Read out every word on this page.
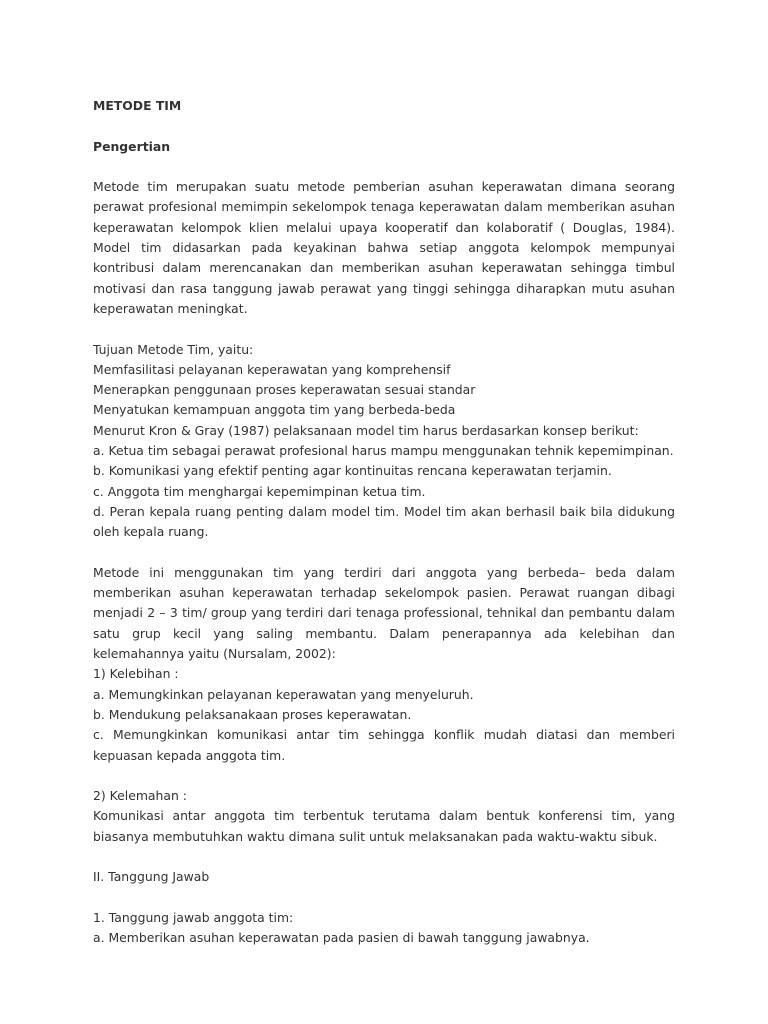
METODE TIM

Pengertian

Metode tim merupakan suatu metode pemberian asuhan keperawatan dimana seorang perawat profesional memimpin sekelompok tenaga keperawatan dalam memberikan asuhan keperawatan kelompok klien melalui upaya kooperatif dan kolaboratif ( Douglas, 1984). Model tim didasarkan pada keyakinan bahwa setiap anggota kelompok mempunyai kontribusi dalam merencanakan dan memberikan asuhan keperawatan sehingga timbul motivasi dan rasa tanggung jawab perawat yang tinggi sehingga diharapkan mutu asuhan keperawatan meningkat.

Tujuan Metode Tim, yaitu:

Memfasilitasi pelayanan keperawatan yang komprehensif

Menerapkan penggunaan proses keperawatan sesuai standar

Menyatukan kemampuan anggota tim yang berbeda-beda

Menurut Kron & Gray (1987) pelaksanaan model tim harus berdasarkan konsep berikut:

a. Ketua tim sebagai perawat profesional harus mampu menggunakan tehnik kepemimpinan.

b. Komunikasi yang efektif penting agar kontinuitas rencana keperawatan terjamin.

c. Anggota tim menghargai kepemimpinan ketua tim.

d. Peran kepala ruang penting dalam model tim. Model tim akan berhasil baik bila didukung oleh kepala ruang.

Metode ini menggunakan tim yang terdiri dari anggota yang berbeda– beda dalam memberikan asuhan keperawatan terhadap sekelompok pasien. Perawat ruangan dibagi menjadi 2 – 3 tim/ group yang terdiri dari tenaga professional, tehnikal dan pembantu dalam satu grup kecil yang saling membantu. Dalam penerapannya ada kelebihan dan kelemahannya yaitu (Nursalam, 2002):

1) Kelebihan :

a. Memungkinkan pelayanan keperawatan yang menyeluruh.

b. Mendukung pelaksanakaan proses keperawatan.

c. Memungkinkan komunikasi antar tim sehingga konflik mudah diatasi dan memberi kepuasan kepada anggota tim.

2) Kelemahan :

Komunikasi antar anggota tim terbentuk terutama dalam bentuk konferensi tim, yang biasanya membutuhkan waktu dimana sulit untuk melaksanakan pada waktu-waktu sibuk.

II. Tanggung Jawab

1. Tanggung jawab anggota tim:

a. Memberikan asuhan keperawatan pada pasien di bawah tanggung jawabnya.
